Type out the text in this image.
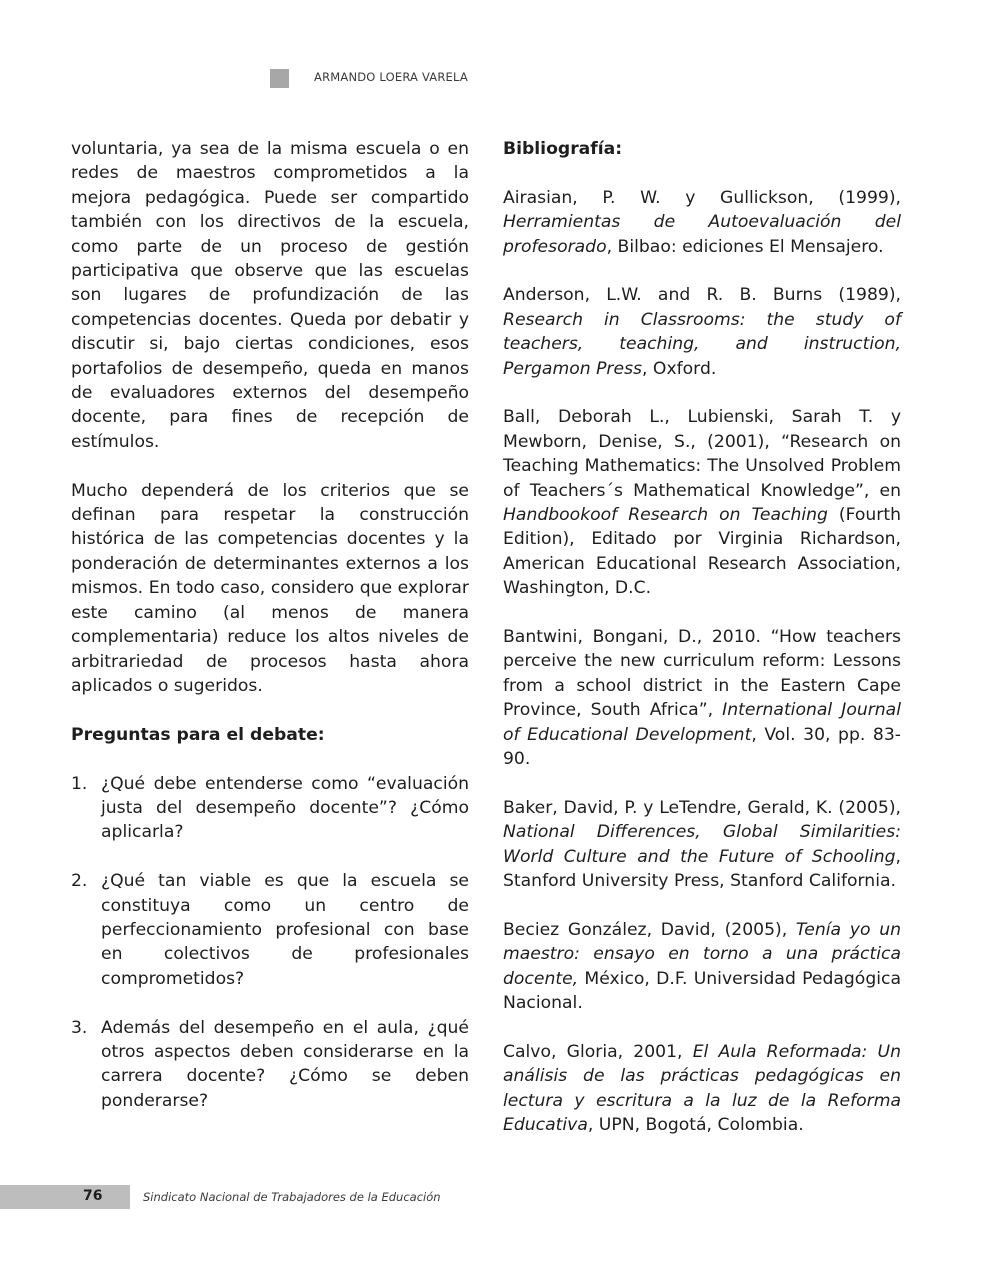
ARMANDO LOERA VARELA

voluntaria, ya sea de la misma escuela o en redes de maestros comprometidos a la mejora pedagógica. Puede ser compartido también con los directivos de la escuela, como parte de un proceso de gestión participativa que observe que las escuelas son lugares de profundización de las competencias docentes. Queda por debatir y discutir si, bajo ciertas condiciones, esos portafolios de desempeño, queda en manos de evaluadores externos del desempeño docente, para fines de recepción de estímulos.

Mucho dependerá de los criterios que se definan para respetar la construcción histórica de las competencias docentes y la ponderación de determinantes externos a los mismos. En todo caso, considero que explorar este camino (al menos de manera complementaria) reduce los altos niveles de arbitrariedad de procesos hasta ahora aplicados o sugeridos.

Preguntas para el debate:
1. ¿Qué debe entenderse como “evaluación justa del desempeño docente”? ¿Cómo aplicarla?
2. ¿Qué tan viable es que la escuela se constituya como un centro de perfeccionamiento profesional con base en colectivos de profesionales comprometidos?
3. Además del desempeño en el aula, ¿qué otros aspectos deben considerarse en la carrera docente? ¿Cómo se deben ponderarse?
Bibliografía:

Airasian, P. W. y Gullickson, (1999), Herramientas de Autoevaluación del profesorado, Bilbao: ediciones El Mensajero.

Anderson, L.W. and R. B. Burns (1989), Research in Classrooms: the study of teachers, teaching, and instruction, Pergamon Press, Oxford.

Ball, Deborah L., Lubienski, Sarah T. y Mewborn, Denise, S., (2001), “Research on Teaching Mathematics: The Unsolved Problem of Teachers´s Mathematical Knowledge”, en Handbookoof Research on Teaching (Fourth Edition), Editado por Virginia Richardson, American Educational Research Association, Washington, D.C.

Bantwini, Bongani, D., 2010. “How teachers perceive the new curriculum reform: Lessons from a school district in the Eastern Cape Province, South Africa”, International Journal of Educational Development, Vol. 30, pp. 83-90.

Baker, David, P. y LeTendre, Gerald, K. (2005), National Differences, Global Similarities: World Culture and the Future of Schooling, Stanford University Press, Stanford California.

Beciez González, David, (2005), Tenía yo un maestro: ensayo en torno a una práctica docente, México, D.F. Universidad Pedagógica Nacional.

Calvo, Gloria, 2001, El Aula Reformada: Un análisis de las prácticas pedagógicas en lectura y escritura a la luz de la Reforma Educativa, UPN, Bogotá, Colombia.

76	Sindicato Nacional de Trabajadores de la Educación
